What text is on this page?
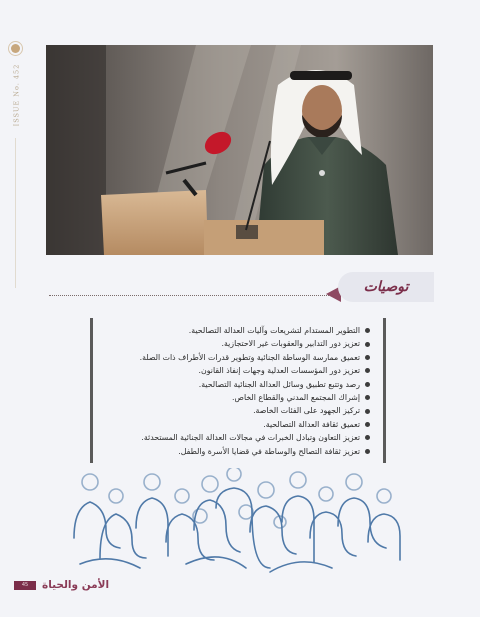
ISSUE No. 452
توصيات
التطوير المستدام لتشريعات وآليات العدالة التصالحية.
تعزيز دور التدابير والعقوبات غير الاحتجازية.
تعميق ممارسة الوساطة الجنائية وتطوير قدرات الأطراف ذات الصلة.
تعزيز دور المؤسسات العدلية وجهات إنفاذ القانون.
رصد وتتبع تطبيق وسائل العدالة الجنائية التصالحية.
إشراك المجتمع المدني والقطاع الخاص.
تركيز الجهود على الفئات الخاصة.
تعميق ثقافة العدالة التصالحية.
تعزيز التعاون وتبادل الخبرات في مجالات العدالة الجنائية المستحدثة.
تعزيز ثقافة التصالح والوساطة في قضايا الأسرة والطفل.
45	الأمن والحياة
